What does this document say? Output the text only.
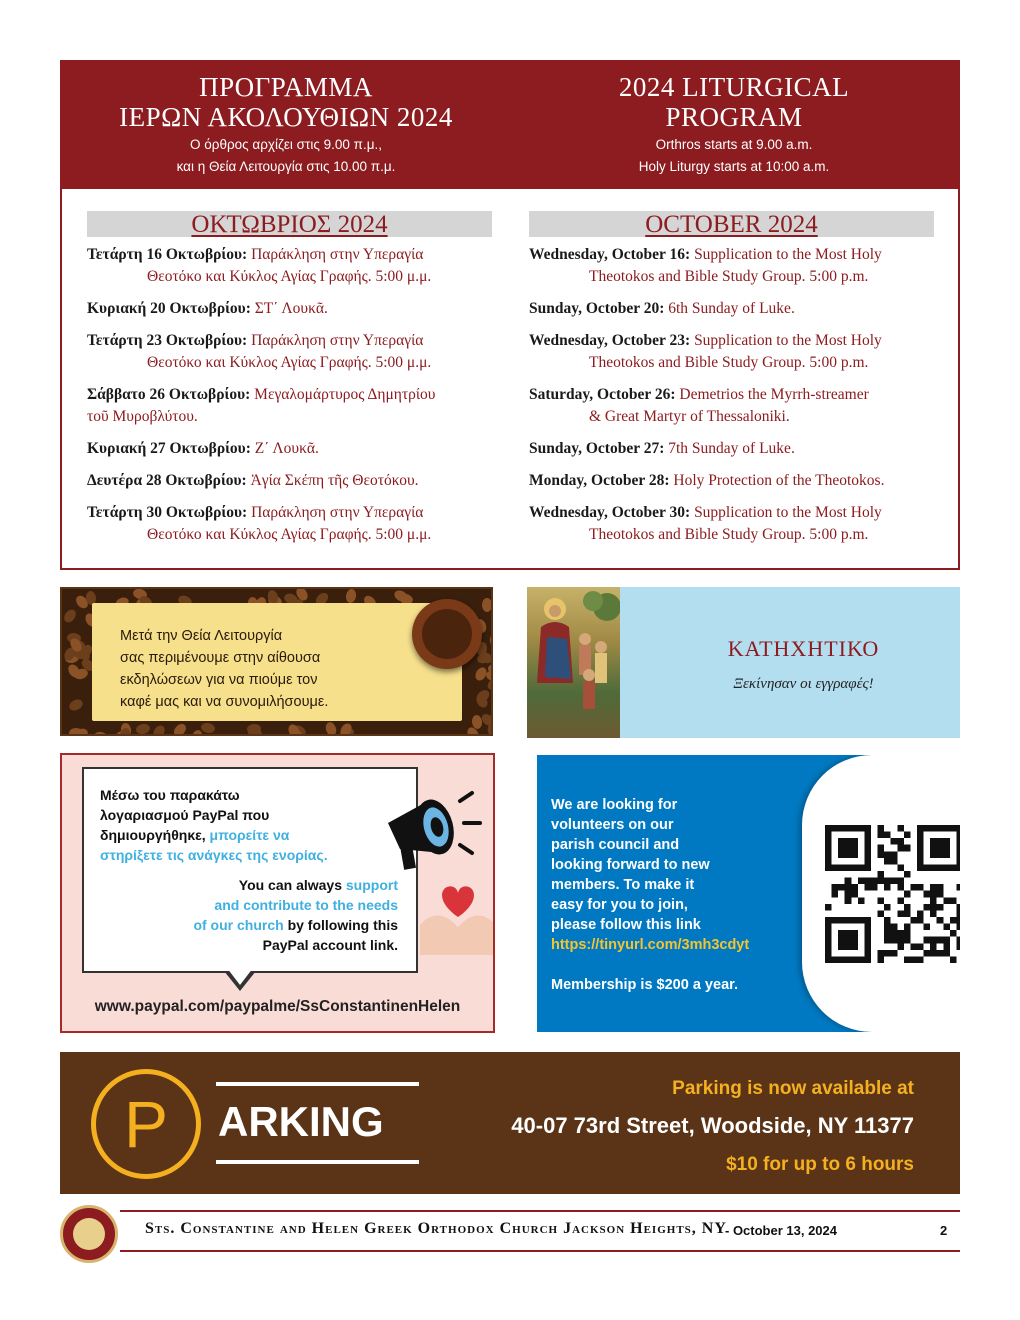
ΠΡΟΓΡΑΜΜΑ
ΙΕΡΩΝ ΑΚΟΛΟΥΘΙΩΝ 2024
Ο όρθρος αρχίζει στις 9.00 π.μ.,
και η Θεία Λειτουργία στις 10.00 π.μ.
2024 LITURGICAL
PROGRAM
Orthros starts at 9.00 a.m.
Holy Liturgy starts at 10:00 a.m.
ΟΚΤΩΒΡΙΟΣ 2024	OCTOBER 2024
Τετάρτη 16 Οκτωβρίου: Παράκληση στην Υπεραγία
Θεοτόκο και Κύκλος Αγίας Γραφής. 5:00 μ.μ.
Κυριακή 20 Οκτωβρίου: ΣΤ΄ Λουκᾶ.
Τετάρτη 23 Οκτωβρίου: Παράκληση στην Υπεραγία
Θεοτόκο και Κύκλος Αγίας Γραφής. 5:00 μ.μ.
Σάββατο 26 Οκτωβρίου: Μεγαλομάρτυρος Δημητρίου
τοῦ Μυροβλύτου.
Κυριακή 27 Οκτωβρίου: Ζ΄ Λουκᾶ.
Δευτέρα 28 Οκτωβρίου: Ἁγία Σκέπη τῆς Θεοτόκου.
Τετάρτη 30 Οκτωβρίου: Παράκληση στην Υπεραγία
Θεοτόκο και Κύκλος Αγίας Γραφής. 5:00 μ.μ.
Wednesday, October 16: Supplication to the Most Holy
Theotokos and Bible Study Group. 5:00 p.m.
Sunday, October 20: 6th Sunday of Luke.
Wednesday, October 23: Supplication to the Most Holy
Theotokos and Bible Study Group. 5:00 p.m.
Saturday, October 26: Demetrios the Myrrh-streamer
& Great Martyr of Thessaloniki.
Sunday, October 27: 7th Sunday of Luke.
Monday, October 28: Holy Protection of the Theotokos.
Wednesday, October 30: Supplication to the Most Holy
Theotokos and Bible Study Group. 5:00 p.m.
Μετά την Θεία Λειτουργία
σας περιμένουμε στην αίθουσα
εκδηλώσεων για να πιούμε τον
καφέ μας και να συνομιλήσουμε.
ΚΑΤΗΧΗΤΙΚΟ
Ξεκίνησαν οι εγγραφές!
Μέσω του παρακάτω
λογαριασμού PayPal που
δημιουργήθηκε, μπορείτε να
στηρίξετε τις ανάγκες της ενορίας.
You can always support
and contribute to the needs
of our church by following this
PayPal account link.
www.paypal.com/paypalme/SsConstantinenHelen
We are looking for
volunteers on our
parish council and
looking forward to new
members. To make it
easy for you to join,
please follow this link
https://tinyurl.com/3mh3cdyt
Membership is $200 a year.
P	ARKING
Parking is now available at
40-07 73rd Street, Woodside, NY 11377
$10 for up to 6 hours
Sts. Constantine and Helen Greek Orthodox Church Jackson Heights, NY
- October 13, 2024	2
